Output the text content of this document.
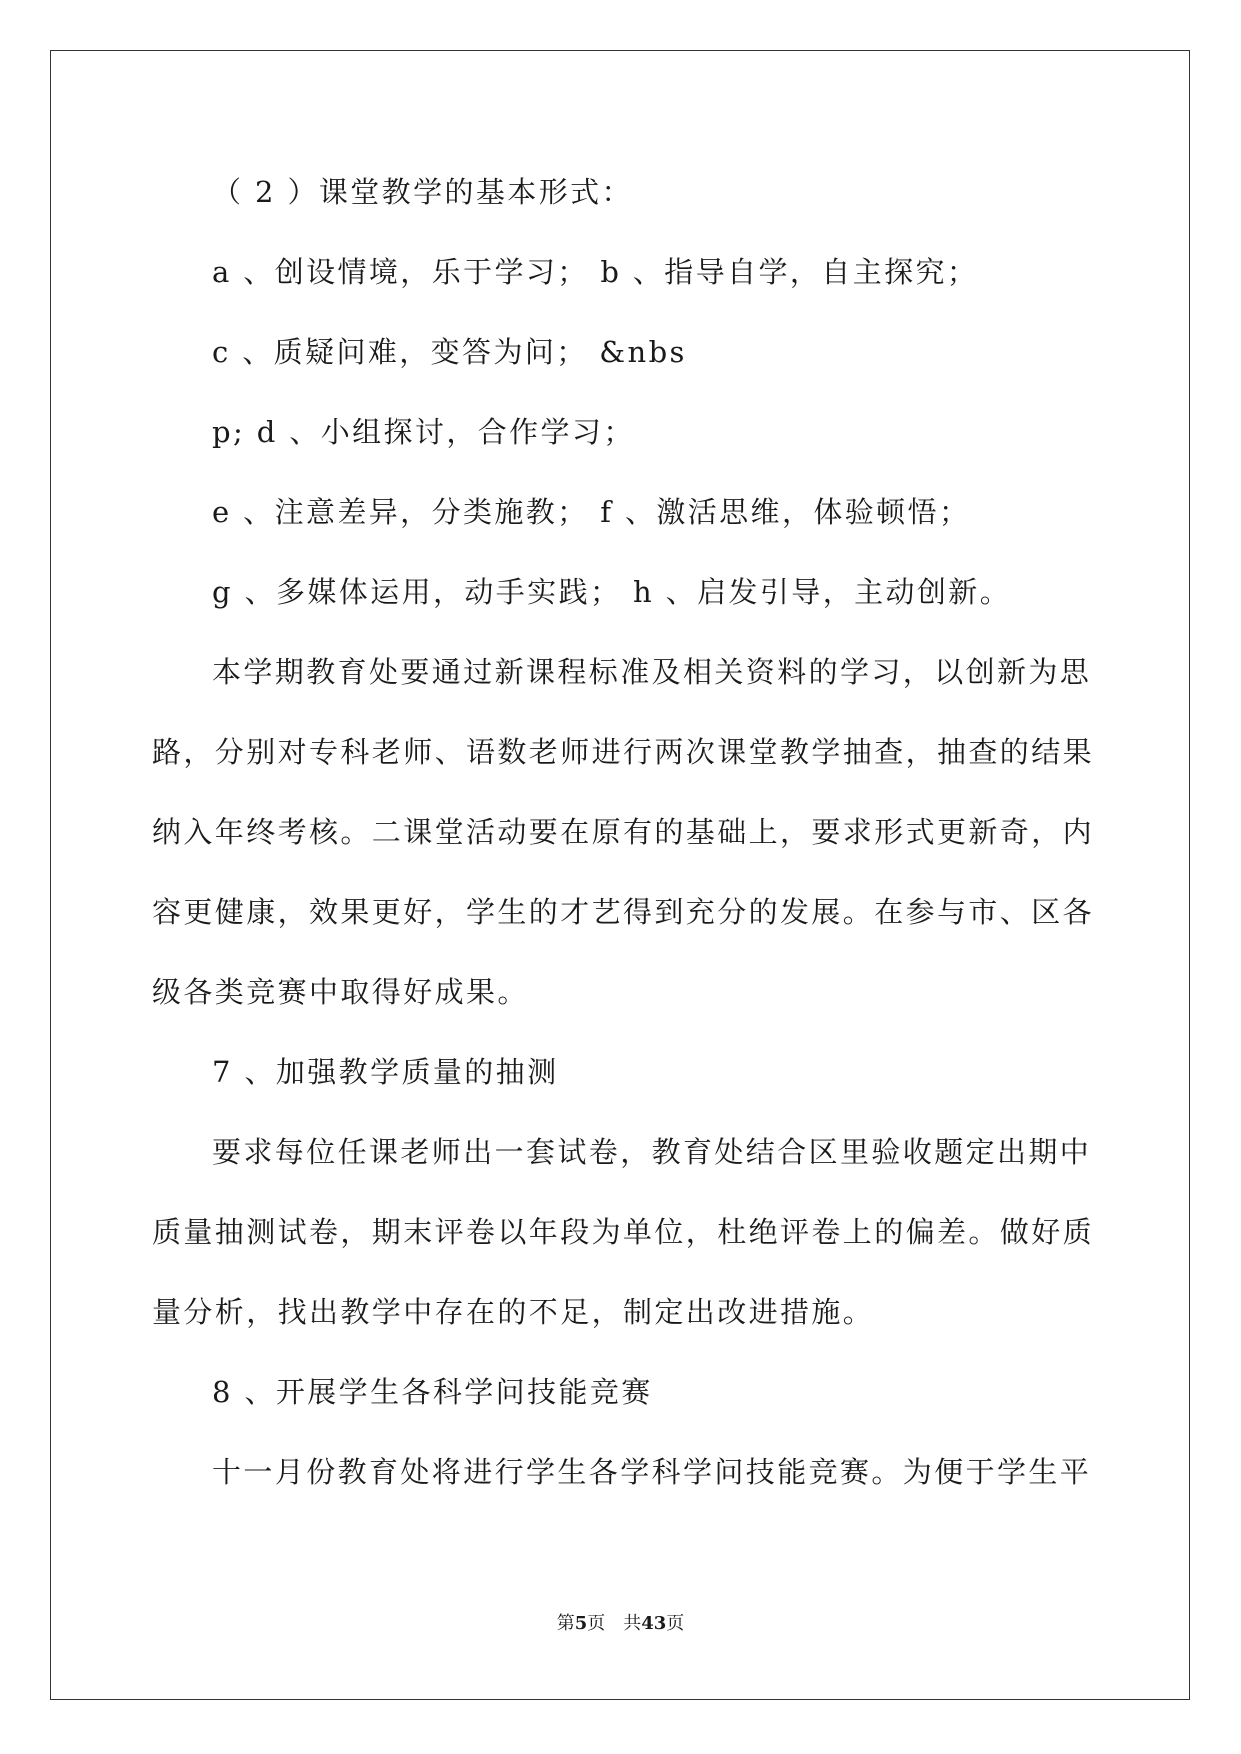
（ 2 ）课堂教学的基本形式：
a 、创设情境，乐于学习； b 、指导自学，自主探究；
c 、质疑问难，变答为问； &nbs
p; d 、小组探讨，合作学习；
e 、注意差异，分类施教； f 、激活思维，体验顿悟；
g 、多媒体运用，动手实践； h 、启发引导，主动创新。
本学期教育处要通过新课程标准及相关资料的学习，以创新为思
路，分别对专科老师、语数老师进行两次课堂教学抽查，抽查的结果
纳入年终考核。二课堂活动要在原有的基础上，要求形式更新奇，内
容更健康，效果更好，学生的才艺得到充分的发展。在参与市、区各
级各类竞赛中取得好成果。
7 、加强教学质量的抽测
要求每位任课老师出一套试卷，教育处结合区里验收题定出期中
质量抽测试卷，期末评卷以年段为单位，杜绝评卷上的偏差。做好质
量分析，找出教学中存在的不足，制定出改进措施。
8 、开展学生各科学问技能竞赛
十一月份教育处将进行学生各学科学问技能竞赛。为便于学生平
第5页　共43页
